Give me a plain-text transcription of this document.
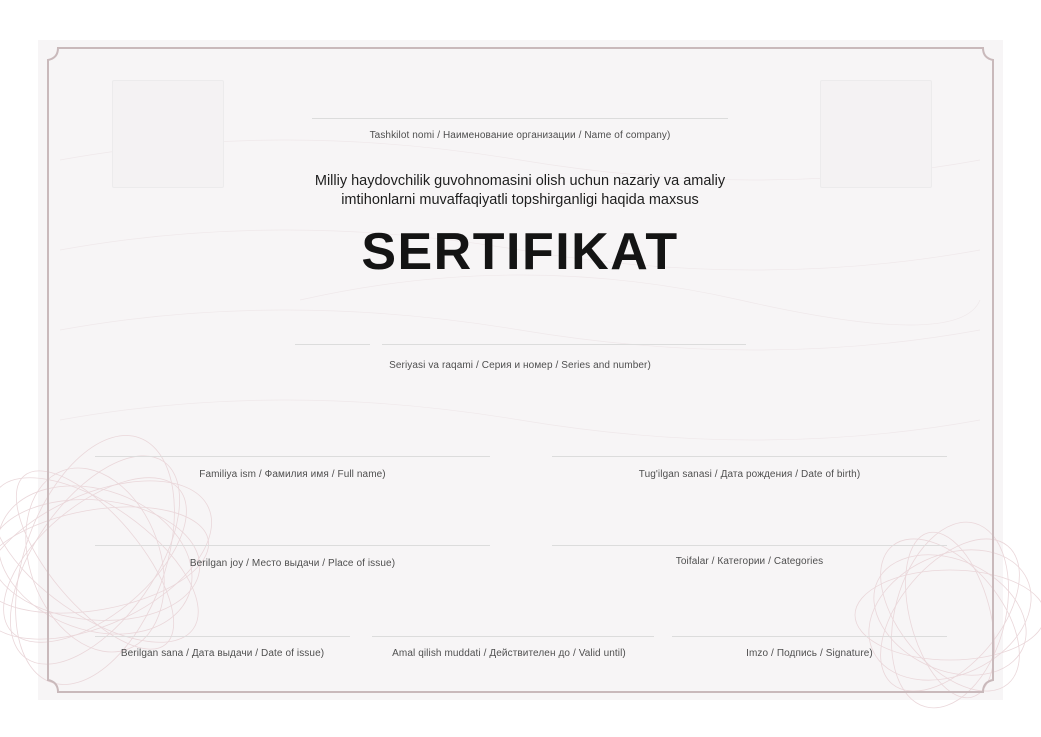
Tashkilot nomi / Наименование организации / Name of company)
Milliy haydovchilik guvohnomasini olish uchun nazariy va amaliy
imtihonlarni muvaffaqiyatli topshirganligi haqida maxsus
SERTIFIKAT
Seriyasi va raqami / Серия и номер / Series and number)
Familiya ism / Фамилия имя / Full name)	Tug'ilgan sanasi / Дата рождения / Date of birth)
Berilgan joy / Место выдачи / Place of issue)	Toifalar / Категории / Categories
Berilgan sana / Дата выдачи / Date of issue)	Amal qilish muddati / Действителен до / Valid until)	Imzo / Подпись / Signature)
